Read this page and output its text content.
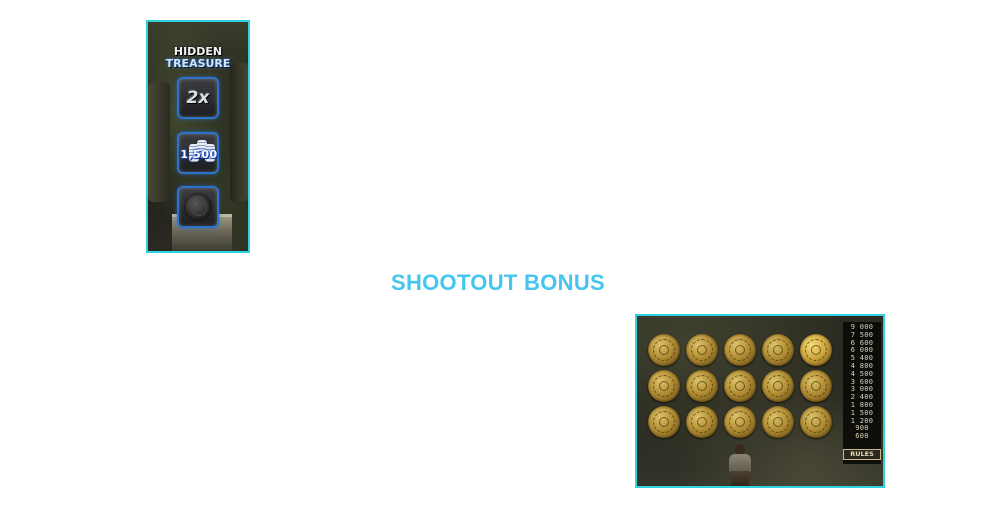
HIDDEN
TREASURE
2x
1,500
SHOOTOUT BONUS
9 000
7 500
6 600
6 000
5 400
4 800
4 500
3 600
3 000
2 400
1 800
1 500
1 200
900
600
RULES
